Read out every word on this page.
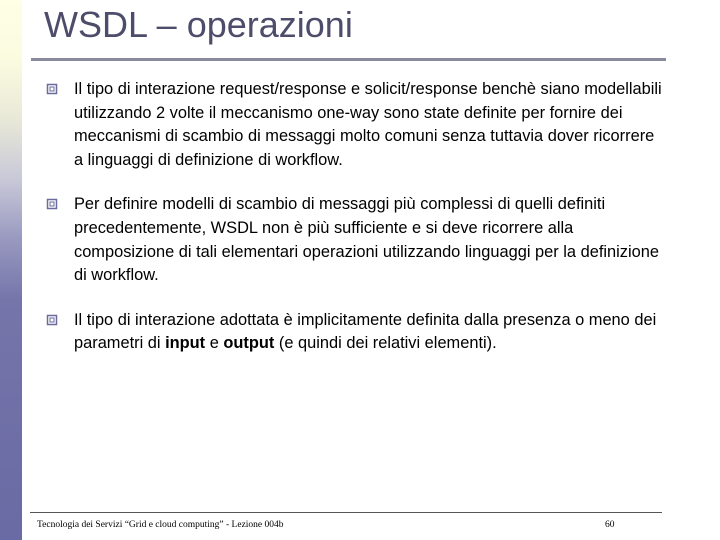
WSDL – operazioni
Il tipo di interazione request/response e solicit/response benchè siano modellabili utilizzando 2 volte il meccanismo one-way sono state definite per fornire dei meccanismi di scambio di messaggi molto comuni senza tuttavia dover ricorrere a linguaggi di definizione di workflow.
Per definire modelli di scambio di messaggi più complessi di quelli definiti precedentemente, WSDL non è più sufficiente e si deve ricorrere alla composizione di tali elementari operazioni utilizzando linguaggi per la definizione di workflow.
Il tipo di interazione adottata è implicitamente definita dalla presenza o meno dei parametri di input e output (e quindi dei relativi elementi).
Tecnologia dei Servizi “Grid e cloud computing” - Lezione 004b	60
